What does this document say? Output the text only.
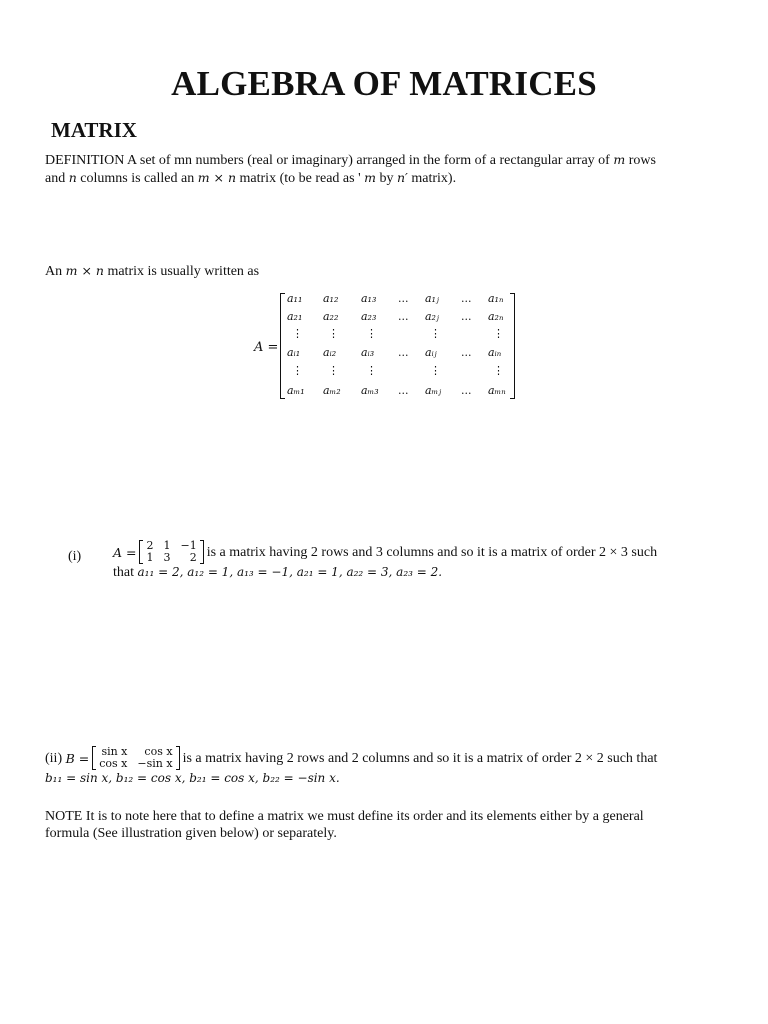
ALGEBRA OF MATRICES
MATRIX
DEFINITION A set of mn numbers (real or imaginary) arranged in the form of a rectangular array of m rows
and n columns is called an m × n matrix (to be read as ' m by n′ matrix).
An m × n matrix is usually written as
A =
a₁₁ a₁₂ a₁₃ ... a₁ⱼ ... a₁ₙ
a₂₁ a₂₂ a₂₃ ... a₂ⱼ ... a₂ₙ
⋮ ⋮ ⋮	⋮	⋮
aᵢ₁ aᵢ₂ aᵢ₃ ... aᵢⱼ ... aᵢₙ
⋮ ⋮ ⋮	⋮	⋮
aₘ₁ aₘ₂ aₘ₃ ... aₘⱼ ... aₘₙ
(i)	A = 2	1	−1
1	3	2 is a matrix having 2 rows and 3 columns and so it is a matrix of order 2 × 3 such
that a₁₁ = 2, a₁₂ = 1, a₁₃ = −1, a₂₁ = 1, a₂₂ = 3, a₂₃ = 2.
(ii)
B = sin x	cos x
cos x	−sin x is a matrix having 2 rows and 2 columns and so it is a matrix of order 2 × 2 such that
b₁₁ = sin x, b₁₂ = cos x, b₂₁ = cos x, b₂₂ = −sin x.
NOTE It is to note here that to define a matrix we must define its order and its elements either by a general
formula (See illustration given below) or separately.
